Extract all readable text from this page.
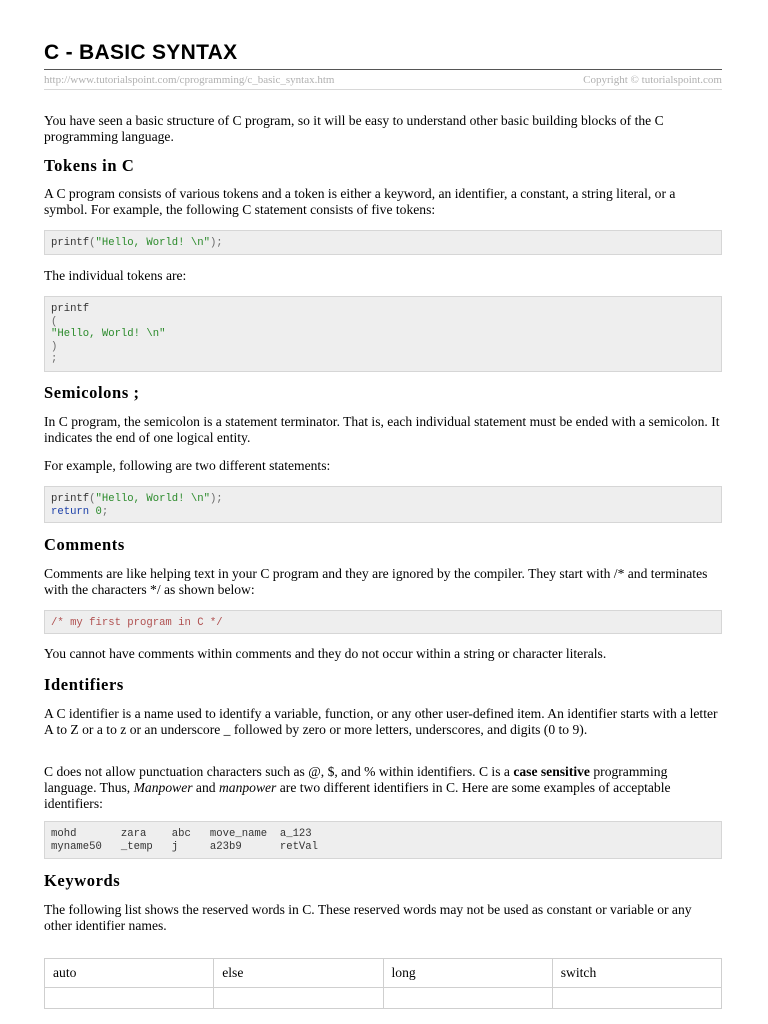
C - BASIC SYNTAX
http://www.tutorialspoint.com/cprogramming/c_basic_syntax.htm	Copyright © tutorialspoint.com

You have seen a basic structure of C program, so it will be easy to understand other basic building blocks of the C programming language.

Tokens in C

A C program consists of various tokens and a token is either a keyword, an identifier, a constant, a string literal, or a symbol. For example, the following C statement consists of five tokens:

printf("Hello, World! \n");

The individual tokens are:

printf
(
"Hello, World! \n"
)
;
Semicolons ;

In C program, the semicolon is a statement terminator. That is, each individual statement must be ended with a semicolon. It indicates the end of one logical entity.

For example, following are two different statements:

printf("Hello, World! \n");
return 0;
Comments

Comments are like helping text in your C program and they are ignored by the compiler. They start with /* and terminates with the characters */ as shown below:

/* my first program in C */

You cannot have comments within comments and they do not occur within a string or character literals.

Identifiers

A C identifier is a name used to identify a variable, function, or any other user-defined item. An identifier starts with a letter A to Z or a to z or an underscore _ followed by zero or more letters, underscores, and digits (0 to 9).

C does not allow punctuation characters such as @, $, and % within identifiers. C is a case sensitive programming language. Thus, Manpower and manpower are two different identifiers in C. Here are some examples of acceptable identifiers:

mohd       zara    abc   move_name  a_123
myname50   _temp   j     a23b9      retVal
Keywords

The following list shows the reserved words in C. These reserved words may not be used as constant or variable or any other identifier names.

auto	else	long	switch
